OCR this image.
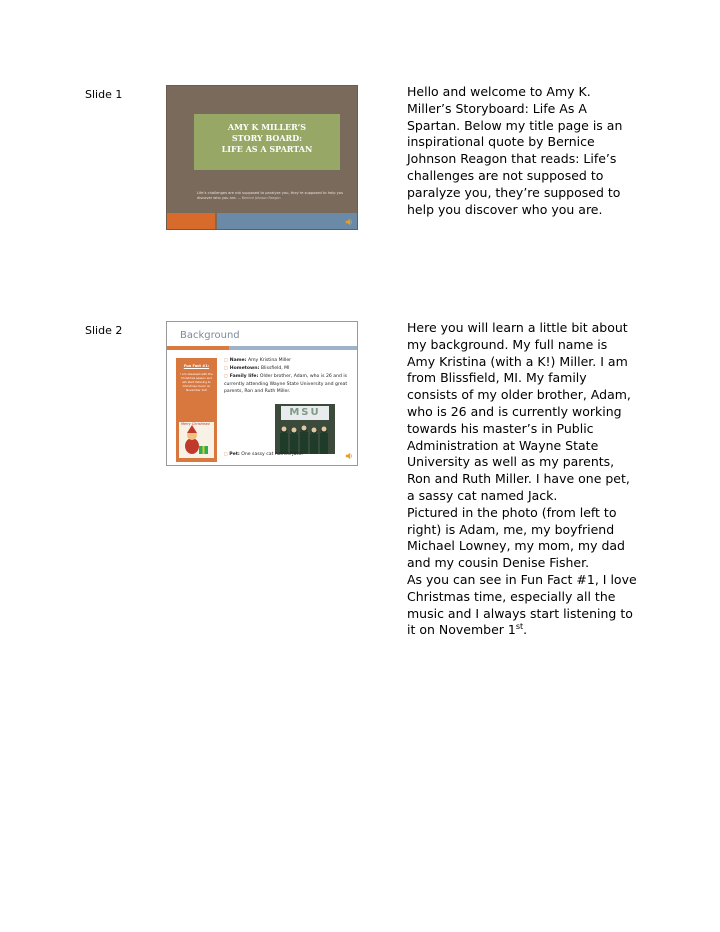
Slide 1
AMY K MILLER’S
STORY BOARD:
LIFE AS A SPARTAN
Life’s challenges are not supposed to paralyze you, they’re supposed to help you discover who you are. — Bernice Johnson Reagon
Hello and welcome to Amy K. Miller’s Storyboard: Life As A Spartan. Below my title page is an inspirational quote by Bernice Johnson Reagon that reads: Life’s challenges are not supposed to paralyze you, they’re supposed to help you discover who you are.
Slide 2	Background
Fun Fact #1:
I am obsessed with the Christmas season and will start listening to Christmas music on November 1st!
Merry Christmas!
□ Name: Amy Kristina Miller
□ Hometown: Blissfield, MI
□ Family life: Older brother, Adam, who is 26 and is currently attending Wayne State University and great parents, Ron and Ruth Miller.
MSU
□ Pet: One sassy cat named Jack.
Here you will learn a little bit about my background. My full name is Amy Kristina (with a K!) Miller. I am from Blissfield, MI. My family consists of my older brother, Adam, who is 26 and is currently working towards his master’s in Public Administration at Wayne State University as well as my parents, Ron and Ruth Miller. I have one pet, a sassy cat named Jack.
Pictured in the photo (from left to right) is Adam, me, my boyfriend Michael Lowney, my mom, my dad and my cousin Denise Fisher.
As you can see in Fun Fact #1, I love Christmas time, especially all the music and I always start listening to it on November 1st.
